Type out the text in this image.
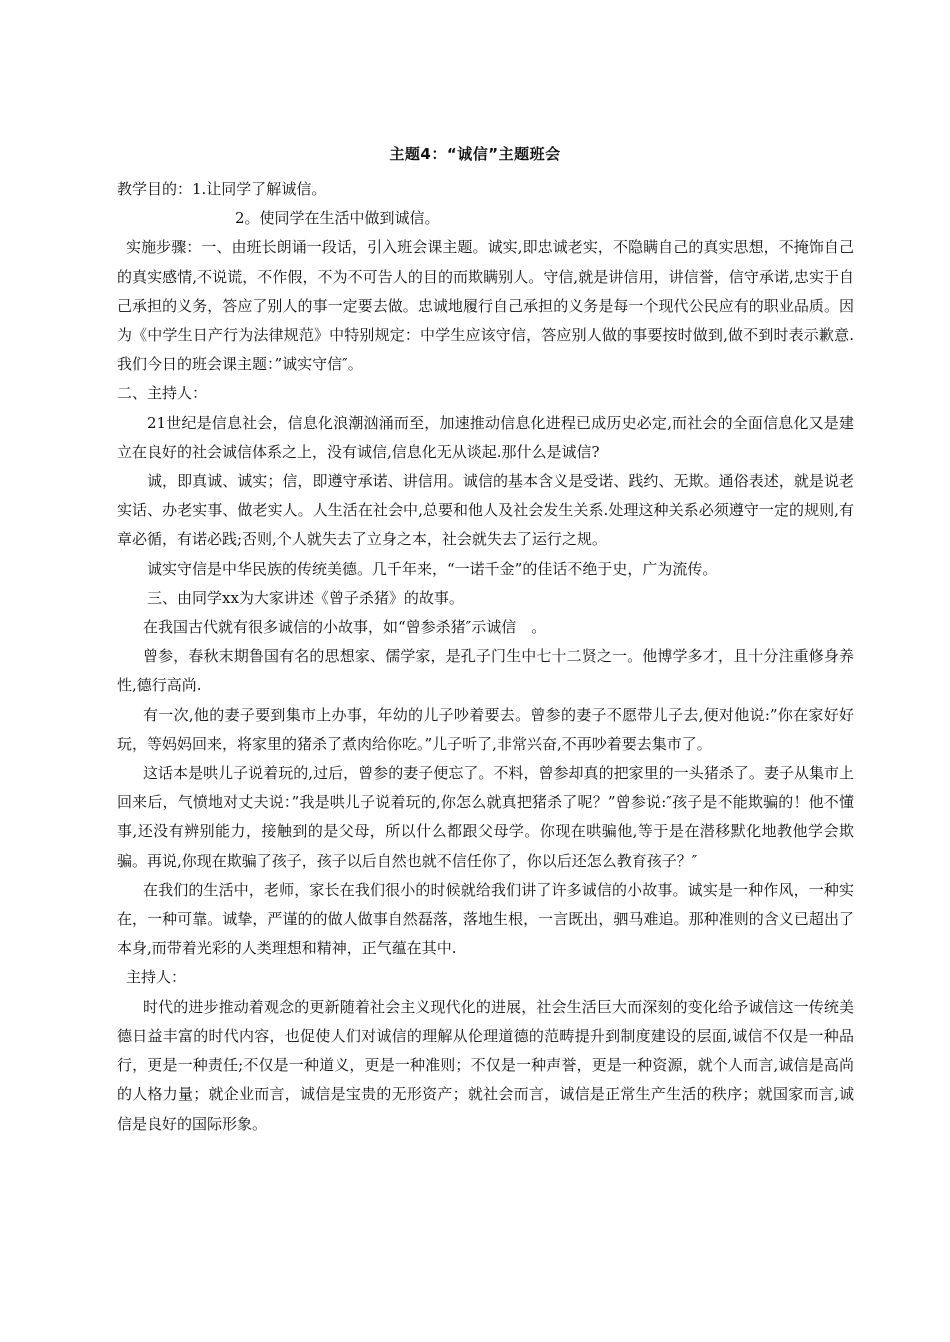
主题4：“诚信”主题班会

教学目的：1.让同学了解诚信。

2。使同学在生活中做到诚信。

实施步骤：一、由班长朗诵一段话，引入班会课主题。诚实,即忠诚老实，不隐瞒自己的真实思想，不掩饰自己的真实感情,不说谎，不作假，不为不可告人的目的而欺瞒别人。守信,就是讲信用，讲信誉，信守承诺,忠实于自己承担的义务，答应了别人的事一定要去做。忠诚地履行自己承担的义务是每一个现代公民应有的职业品质。因为《中学生日产行为法律规范》中特别规定：中学生应该守信，答应别人做的事要按时做到,做不到时表示歉意.我们今日的班会课主题：”诚实守信″。

二、主持人：

21世纪是信息社会，信息化浪潮汹涌而至，加速推动信息化进程已成历史必定,而社会的全面信息化又是建立在良好的社会诚信体系之上，没有诚信,信息化无从谈起.那什么是诚信?

诚，即真诚、诚实；信，即遵守承诺、讲信用。诚信的基本含义是受诺、践约、无欺。通俗表述，就是说老实话、办老实事、做老实人。人生活在社会中,总要和他人及社会发生关系.处理这种关系必须遵守一定的规则,有章必循，有诺必践;否则,个人就失去了立身之本，社会就失去了运行之规。

诚实守信是中华民族的传统美德。几千年来，“一诺千金”的佳话不绝于史，广为流传。

三、由同学xx为大家讲述《曾子杀猪》的故事。

在我国古代就有很多诚信的小故事，如“曾参杀猪″示诚信　。

曾参，春秋末期鲁国有名的思想家、儒学家，是孔子门生中七十二贤之一。他博学多才，且十分注重修身养性,德行高尚.

有一次,他的妻子要到集市上办事，年幼的儿子吵着要去。曾参的妻子不愿带儿子去,便对他说:”你在家好好玩，等妈妈回来，将家里的猪杀了煮肉给你吃。”儿子听了,非常兴奋,不再吵着要去集市了。

这话本是哄儿子说着玩的,过后，曾参的妻子便忘了。不料，曾参却真的把家里的一头猪杀了。妻子从集市上回来后，气愤地对丈夫说：”我是哄儿子说着玩的,你怎么就真把猪杀了呢？”曾参说:″孩子是不能欺骗的！他不懂事,还没有辨别能力，接触到的是父母，所以什么都跟父母学。你现在哄骗他,等于是在潜移默化地教他学会欺骗。再说,你现在欺骗了孩子，孩子以后自然也就不信任你了，你以后还怎么教育孩子？″

在我们的生活中，老师，家长在我们很小的时候就给我们讲了许多诚信的小故事。诚实是一种作风，一种实在，一种可靠。诚挚，严谨的的做人做事自然磊落，落地生根，一言既出，驷马难追。那种准则的含义已超出了本身,而带着光彩的人类理想和精神，正气蕴在其中.

主持人：

时代的进步推动着观念的更新随着社会主义现代化的进展，社会生活巨大而深刻的变化给予诚信这一传统美德日益丰富的时代内容，也促使人们对诚信的理解从伦理道德的范畴提升到制度建设的层面,诚信不仅是一种品行，更是一种责任;不仅是一种道义，更是一种准则；不仅是一种声誉，更是一种资源，就个人而言,诚信是高尚的人格力量；就企业而言，诚信是宝贵的无形资产；就社会而言，诚信是正常生产生活的秩序；就国家而言,诚信是良好的国际形象。
